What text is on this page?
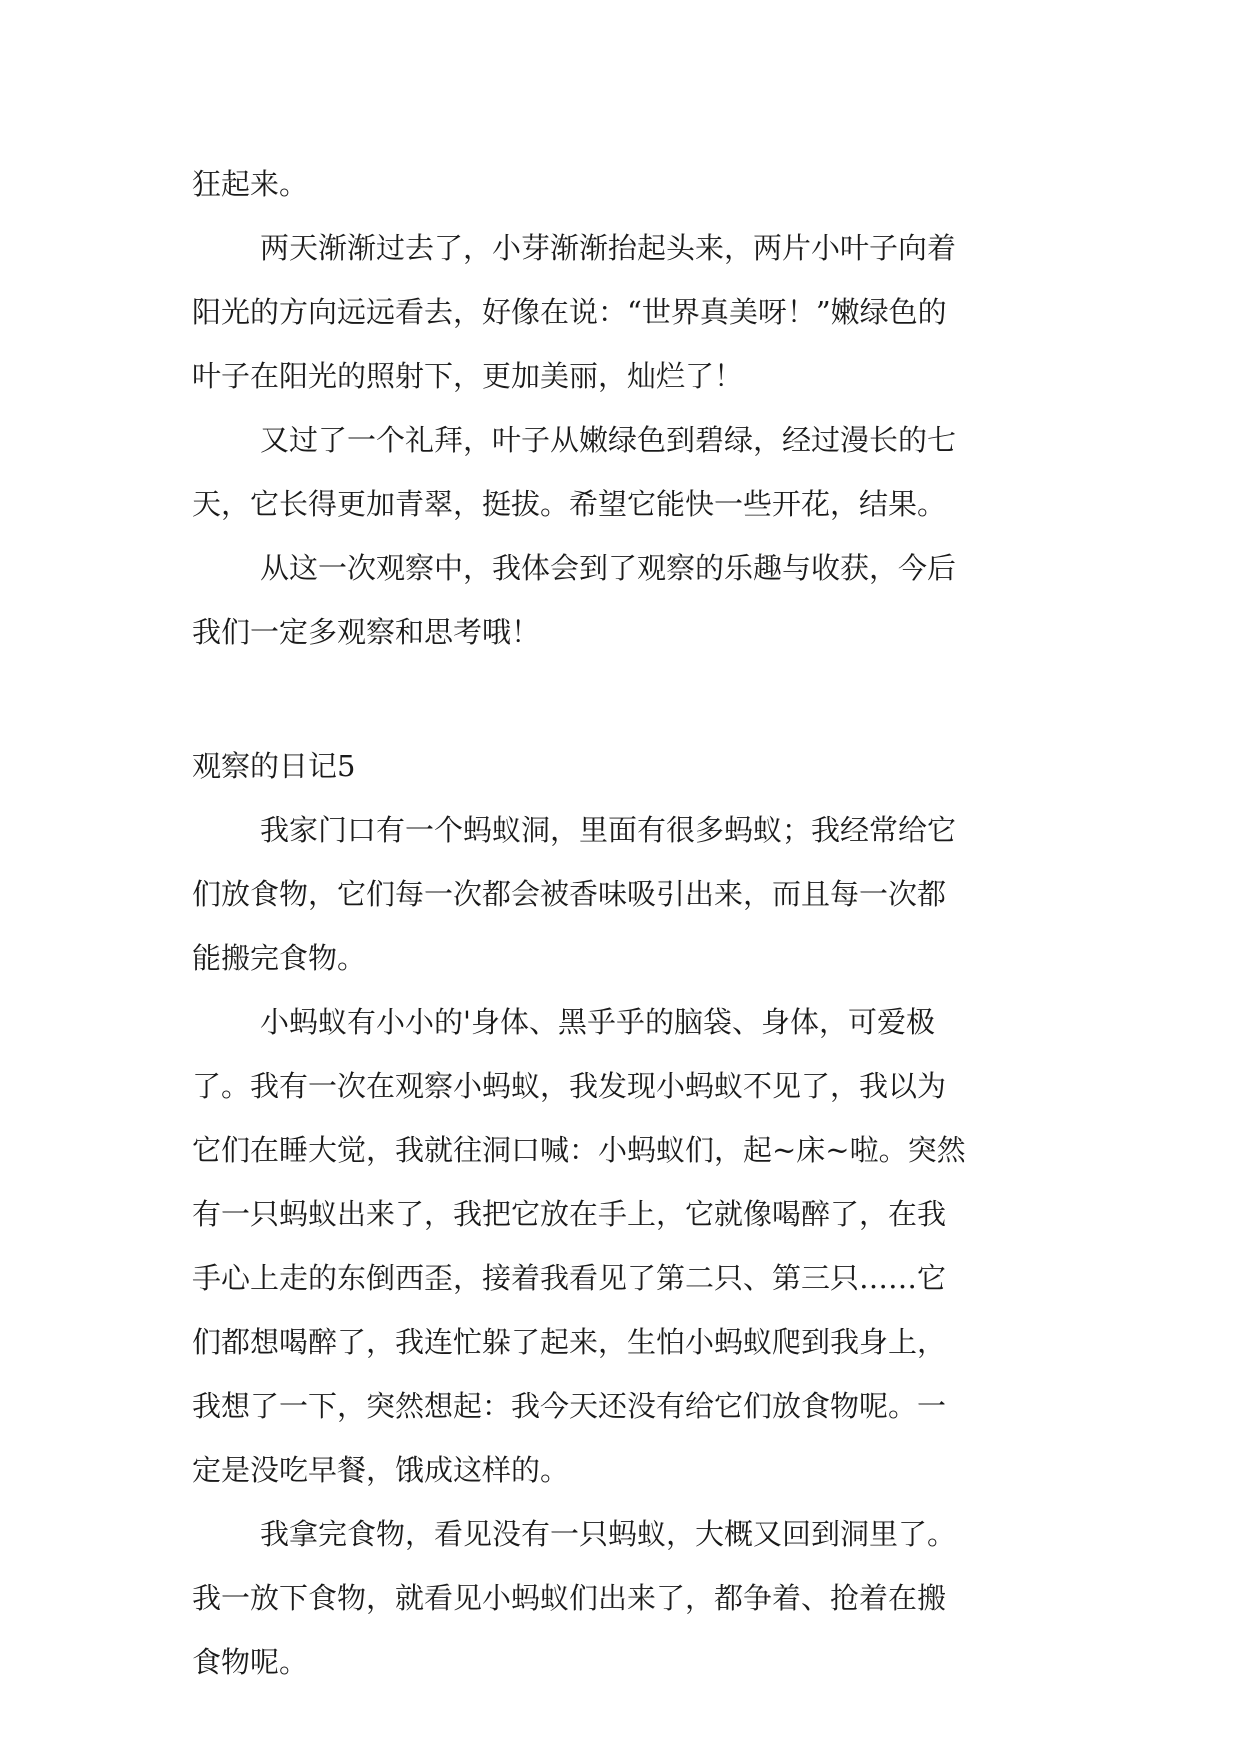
狂起来。
两天渐渐过去了，小芽渐渐抬起头来，两片小叶子向着
阳光的方向远远看去，好像在说：“世界真美呀！”嫩绿色的
叶子在阳光的照射下，更加美丽，灿烂了！
又过了一个礼拜，叶子从嫩绿色到碧绿，经过漫长的七
天，它长得更加青翠，挺拔。希望它能快一些开花，结果。
从这一次观察中，我体会到了观察的乐趣与收获，今后
我们一定多观察和思考哦！
观察的日记5
我家门口有一个蚂蚁洞，里面有很多蚂蚁；我经常给它
们放食物，它们每一次都会被香味吸引出来，而且每一次都
能搬完食物。
小蚂蚁有小小的'身体、黑乎乎的脑袋、身体，可爱极
了。我有一次在观察小蚂蚁，我发现小蚂蚁不见了，我以为
它们在睡大觉，我就往洞口喊：小蚂蚁们，起~床~啦。突然
有一只蚂蚁出来了，我把它放在手上，它就像喝醉了，在我
手心上走的东倒西歪，接着我看见了第二只、第三只……它
们都想喝醉了，我连忙躲了起来，生怕小蚂蚁爬到我身上，
我想了一下，突然想起：我今天还没有给它们放食物呢。一
定是没吃早餐，饿成这样的。
我拿完食物，看见没有一只蚂蚁，大概又回到洞里了。
我一放下食物，就看见小蚂蚁们出来了，都争着、抢着在搬
食物呢。
